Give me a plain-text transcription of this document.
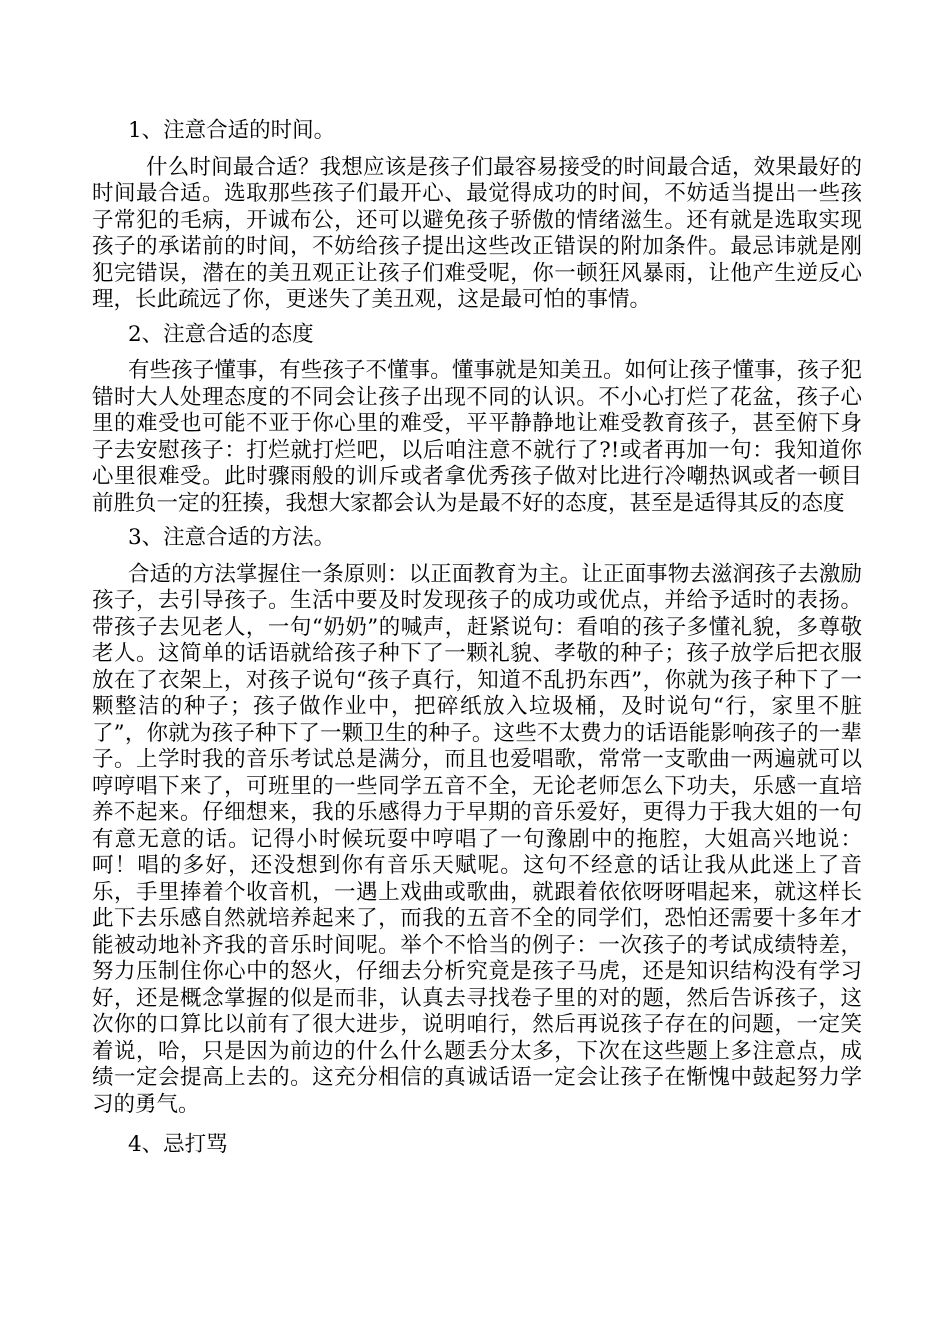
1、注意合适的时间。

什么时间最合适？我想应该是孩子们最容易接受的时间最合适，效果最好的时间最合适。选取那些孩子们最开心、最觉得成功的时间，不妨适当提出一些孩子常犯的毛病，开诚布公，还可以避免孩子骄傲的情绪滋生。还有就是选取实现孩子的承诺前的时间，不妨给孩子提出这些改正错误的附加条件。最忌讳就是刚犯完错误，潜在的美丑观正让孩子们难受呢，你一顿狂风暴雨，让他产生逆反心理，长此疏远了你，更迷失了美丑观，这是最可怕的事情。

2、注意合适的态度

有些孩子懂事，有些孩子不懂事。懂事就是知美丑。如何让孩子懂事，孩子犯错时大人处理态度的不同会让孩子出现不同的认识。不小心打烂了花盆，孩子心里的难受也可能不亚于你心里的难受，平平静静地让难受教育孩子，甚至俯下身子去安慰孩子：打烂就打烂吧，以后咱注意不就行了?!或者再加一句：我知道你心里很难受。此时骤雨般的训斥或者拿优秀孩子做对比进行冷嘲热讽或者一顿目前胜负一定的狂揍，我想大家都会认为是最不好的态度，甚至是适得其反的态度

3、注意合适的方法。

合适的方法掌握住一条原则：以正面教育为主。让正面事物去滋润孩子去激励孩子，去引导孩子。生活中要及时发现孩子的成功或优点，并给予适时的表扬。带孩子去见老人，一句“奶奶”的喊声，赶紧说句：看咱的孩子多懂礼貌，多尊敬老人。这简单的话语就给孩子种下了一颗礼貌、孝敬的种子；孩子放学后把衣服放在了衣架上，对孩子说句“孩子真行，知道不乱扔东西”，你就为孩子种下了一颗整洁的种子；孩子做作业中，把碎纸放入垃圾桶，及时说句“行，家里不脏了”，你就为孩子种下了一颗卫生的种子。这些不太费力的话语能影响孩子的一辈子。上学时我的音乐考试总是满分，而且也爱唱歌，常常一支歌曲一两遍就可以哼哼唱下来了，可班里的一些同学五音不全，无论老师怎么下功夫，乐感一直培养不起来。仔细想来，我的乐感得力于早期的音乐爱好，更得力于我大姐的一句有意无意的话。记得小时候玩耍中哼唱了一句豫剧中的拖腔，大姐高兴地说：呵！唱的多好，还没想到你有音乐天赋呢。这句不经意的话让我从此迷上了音乐，手里捧着个收音机，一遇上戏曲或歌曲，就跟着依依呀呀唱起来，就这样长此下去乐感自然就培养起来了，而我的五音不全的同学们，恐怕还需要十多年才能被动地补齐我的音乐时间呢。举个不恰当的例子：一次孩子的考试成绩特差，努力压制住你心中的怒火，仔细去分析究竟是孩子马虎，还是知识结构没有学习好，还是概念掌握的似是而非，认真去寻找卷子里的对的题，然后告诉孩子，这次你的口算比以前有了很大进步，说明咱行，然后再说孩子存在的问题，一定笑着说，哈，只是因为前边的什么什么题丢分太多，下次在这些题上多注意点，成绩一定会提高上去的。这充分相信的真诚话语一定会让孩子在惭愧中鼓起努力学习的勇气。

4、忌打骂
